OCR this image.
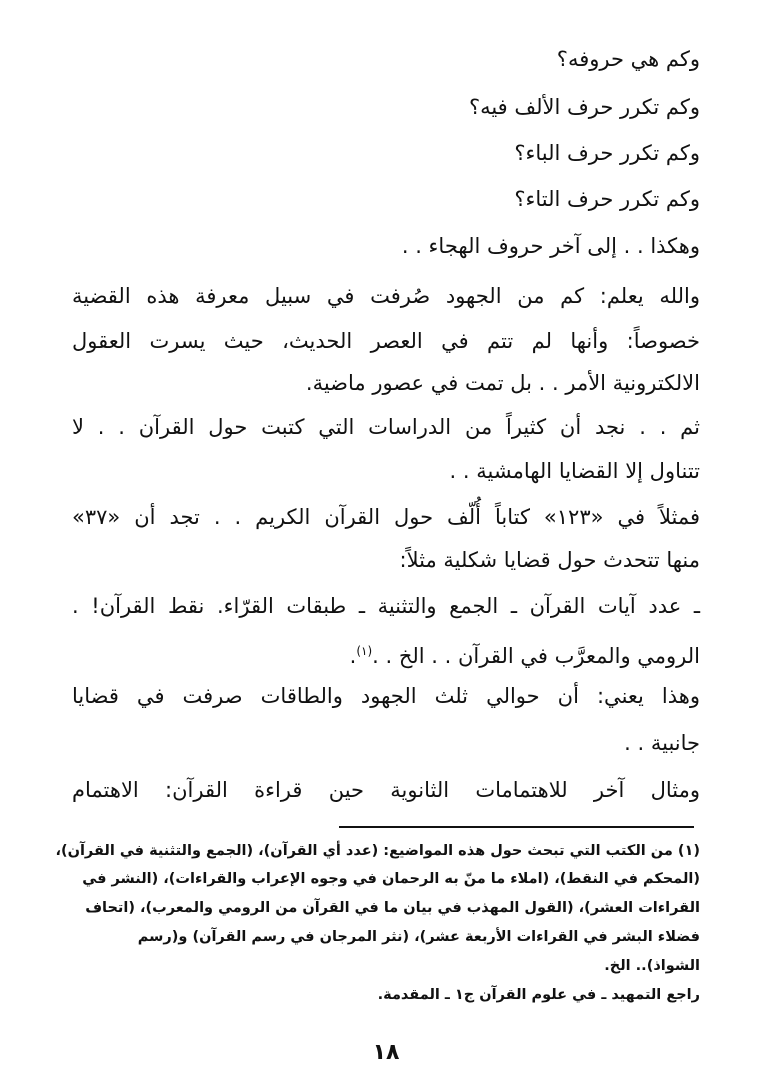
وكم هي حروفه؟
وكم تكرر حرف الألف فيه؟
وكم تكرر حرف الباء؟
وكم تكرر حرف التاء؟
وهكذا . . إلى آخر حروف الهجاء . .
والله يعلم: كم من الجهود صُرفت في سبيل معرفة هذه القضية
خصوصاً: وأنها لم تتم في العصر الحديث، حيث يسرت العقول
الالكترونية الأمر . . بل تمت في عصور ماضية.
ثم . . نجد أن كثيراً من الدراسات التي كتبت حول القرآن . . لا
تتناول إلا القضايا الهامشية . .
فمثلاً في «١٢٣» كتاباً أُلّف حول القرآن الكريم . . تجد أن «٣٧»
منها تتحدث حول قضايا شكلية مثلاً:
ـ عدد آيات القرآن ـ الجمع والتثنية ـ طبقات القرّاء. نقط القرآن! .
الرومي والمعرَّب في القرآن . . الخ . .$^{(١)}$.
وهذا يعني: أن حوالي ثلث الجهود والطاقات صرفت في قضايا
جانبية . .
ومثال آخر للاهتمامات الثانوية حين قراءة القرآن: الاهتمام
(١) من الكتب التي تبحث حول هذه المواضيع: (عدد أي القرآن)، (الجمع والتثنية في القرآن)،
(المحكم في النقط)، (املاء ما منّ به الرحمان في وجوه الإعراب والقراءات)، (النشر في
القراءات العشر)، (القول المهذب في بيان ما في القرآن من الرومي والمعرب)، (اتحاف
فضلاء البشر في القراءات الأربعة عشر)، (نثر المرجان في رسم القرآن) و(رسم
الشواذ).. الخ.
راجع التمهيد ـ في علوم القرآن ج١ ـ المقدمة.
١٨
